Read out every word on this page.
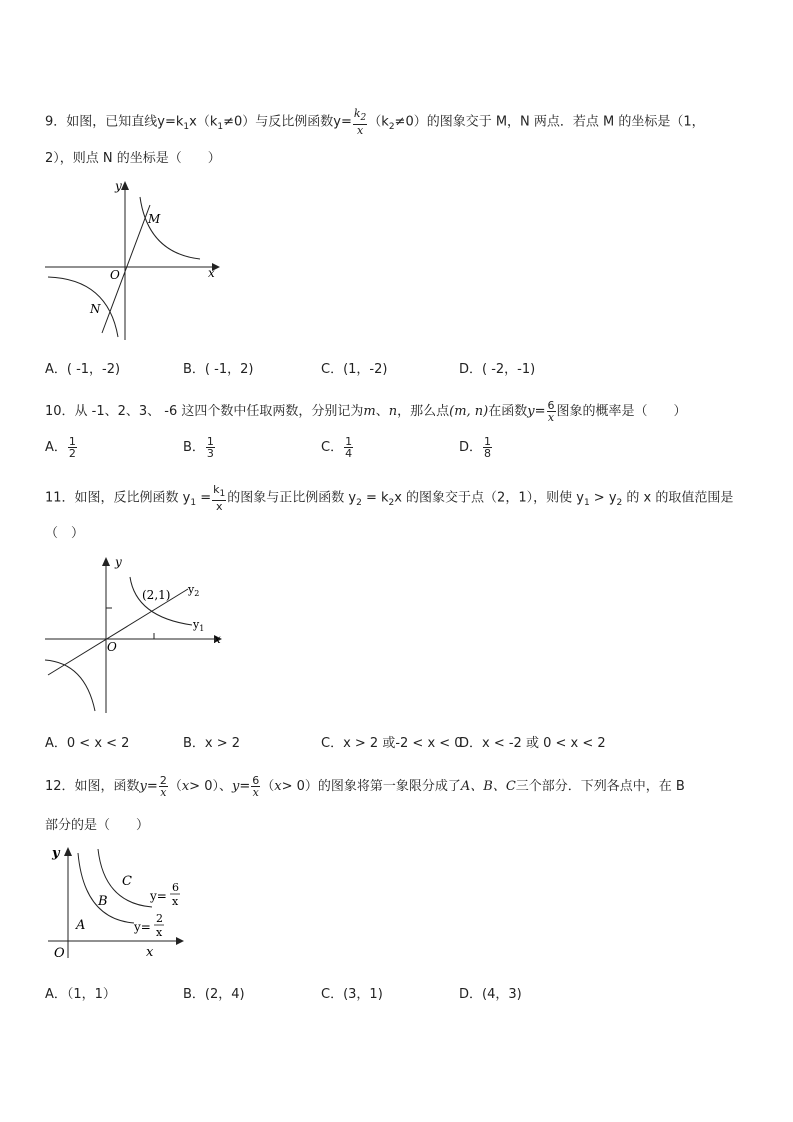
9．如图，已知直线$y=k_1x(k_1\ne 0)$与反比例函数$y= \frac{k_2}{x} (k_2\ne 0)$的图象交于 M，N 两点．若点 M 的坐标是（1，
2），则点 N 的坐标是（　　）
y
x
O
M
N
A．( -1，-2)	B．( -1，2)	C．(1，-2)	D．( -2，-1)
10．从 -1、2、3、 -6 这四个数中任取两数，分别记为m、n，那么点(m, n)在函数$y= \frac{6}{x}$ 图象的概率是（　　）
A． $\frac{1}{2}$	B． $\frac{1}{3}$	C． $\frac{1}{4}$	D． $\frac{1}{8}$
11．如图，反比例函数 $y_1 = \frac{k_1}{x}$ 的图象与正比例函数 $y_2 = k_2x$ 的图象交于点（2，1），则使 $y_1 > y_2$ 的 x 的取值范围是
（　）
y
x
O
(2,1) $y_2$
$y_1$
A．0 < x < 2	B．x > 2	C．x > 2 或-2 < x < 0
D．x < -2 或 0 < x < 2
12．如图，函数$y= \frac{2}{x} (x> 0)$、$y= \frac{6}{x} (x> 0)$的图象将第一象限分成了A、B、C三个部分．下列各点中，在 B
部分的是（　　）
y
x
O
A
B
C
y=
6
x
y=
2
x
A．（1，1）	B．(2，4)	C．(3，1)	D．(4，3)
